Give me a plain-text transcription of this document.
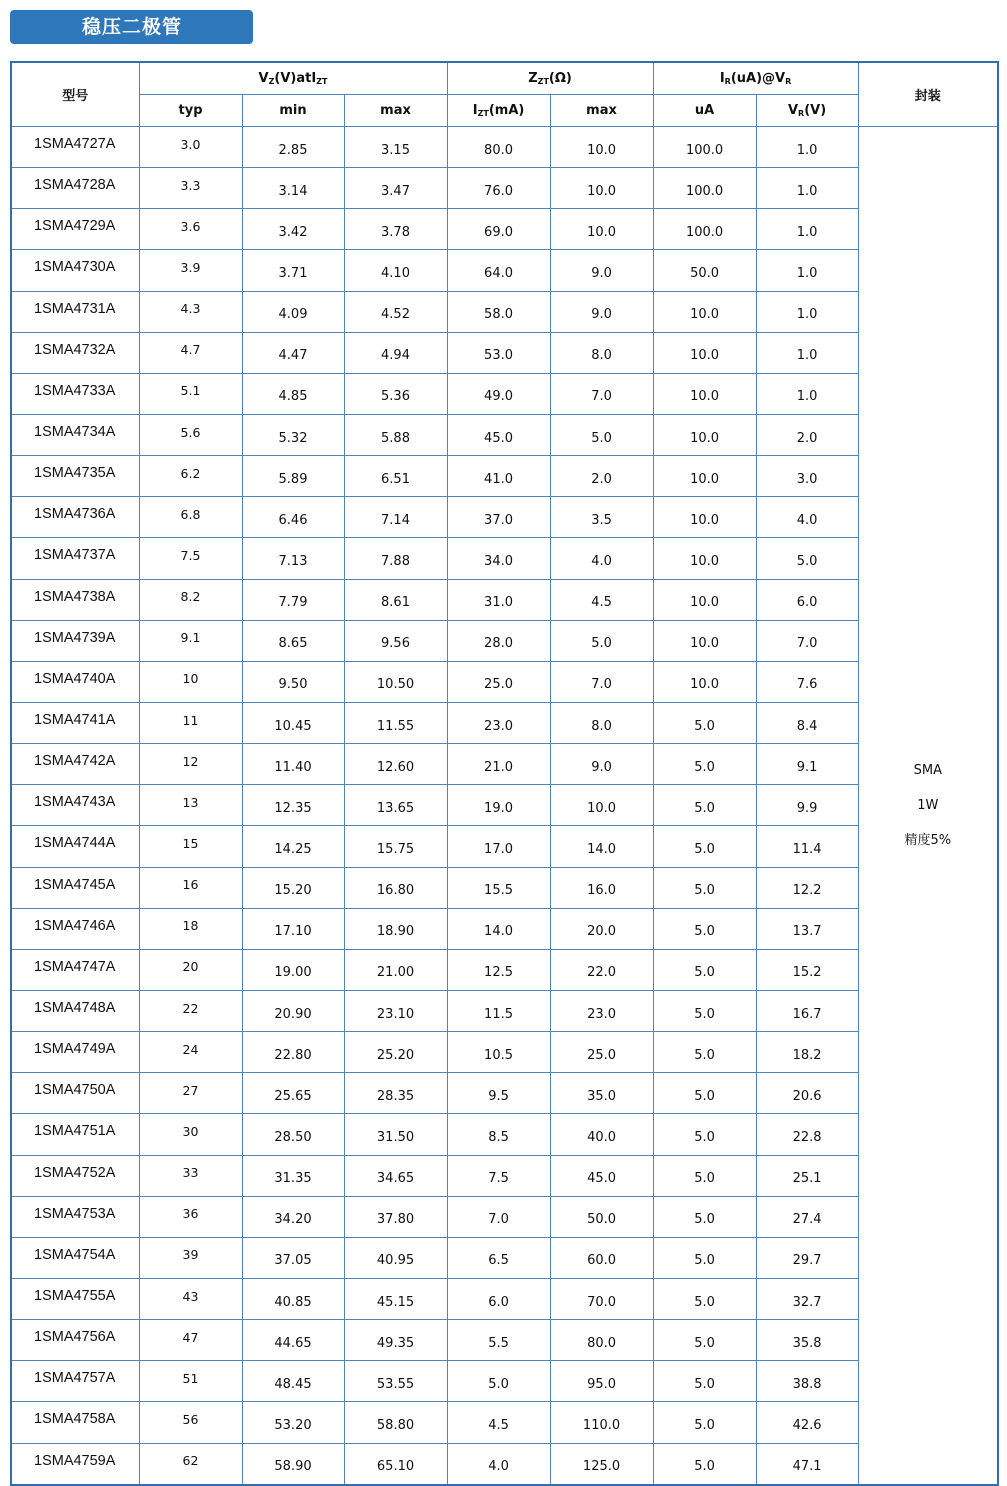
稳压二极管
型号	$V_Z(V)atI_{ZT}$			$Z_{ZT}(\Omega)$		$I_R(uA)@V_R$		封装
	typ	min	max	$I_{ZT}(mA)$	max	uA	$V_R(V)$	
1SMA4727A	3.0	2.85	3.15	80.0	10.0	100.0	1.0	SMA
1W
精度5%

1SMA4728A	3.3	3.14	3.47	76.0	10.0	100.0	1.0	
1SMA4729A	3.6	3.42	3.78	69.0	10.0	100.0	1.0	
1SMA4730A	3.9	3.71	4.10	64.0	9.0	50.0	1.0	
1SMA4731A	4.3	4.09	4.52	58.0	9.0	10.0	1.0	
1SMA4732A	4.7	4.47	4.94	53.0	8.0	10.0	1.0	
1SMA4733A	5.1	4.85	5.36	49.0	7.0	10.0	1.0	
1SMA4734A	5.6	5.32	5.88	45.0	5.0	10.0	2.0	
1SMA4735A	6.2	5.89	6.51	41.0	2.0	10.0	3.0	
1SMA4736A	6.8	6.46	7.14	37.0	3.5	10.0	4.0	
1SMA4737A	7.5	7.13	7.88	34.0	4.0	10.0	5.0	
1SMA4738A	8.2	7.79	8.61	31.0	4.5	10.0	6.0	
1SMA4739A	9.1	8.65	9.56	28.0	5.0	10.0	7.0	
1SMA4740A	10	9.50	10.50	25.0	7.0	10.0	7.6	
1SMA4741A	11	10.45	11.55	23.0	8.0	5.0	8.4	
1SMA4742A	12	11.40	12.60	21.0	9.0	5.0	9.1	
1SMA4743A	13	12.35	13.65	19.0	10.0	5.0	9.9	
1SMA4744A	15	14.25	15.75	17.0	14.0	5.0	11.4	
1SMA4745A	16	15.20	16.80	15.5	16.0	5.0	12.2	
1SMA4746A	18	17.10	18.90	14.0	20.0	5.0	13.7	
1SMA4747A	20	19.00	21.00	12.5	22.0	5.0	15.2	
1SMA4748A	22	20.90	23.10	11.5	23.0	5.0	16.7	
1SMA4749A	24	22.80	25.20	10.5	25.0	5.0	18.2	
1SMA4750A	27	25.65	28.35	9.5	35.0	5.0	20.6	
1SMA4751A	30	28.50	31.50	8.5	40.0	5.0	22.8	
1SMA4752A	33	31.35	34.65	7.5	45.0	5.0	25.1	
1SMA4753A	36	34.20	37.80	7.0	50.0	5.0	27.4	
1SMA4754A	39	37.05	40.95	6.5	60.0	5.0	29.7	
1SMA4755A	43	40.85	45.15	6.0	70.0	5.0	32.7	
1SMA4756A	47	44.65	49.35	5.5	80.0	5.0	35.8	
1SMA4757A	51	48.45	53.55	5.0	95.0	5.0	38.8	
1SMA4758A	56	53.20	58.80	4.5	110.0	5.0	42.6	
1SMA4759A	62	58.90	65.10	4.0	125.0	5.0	47.1	
